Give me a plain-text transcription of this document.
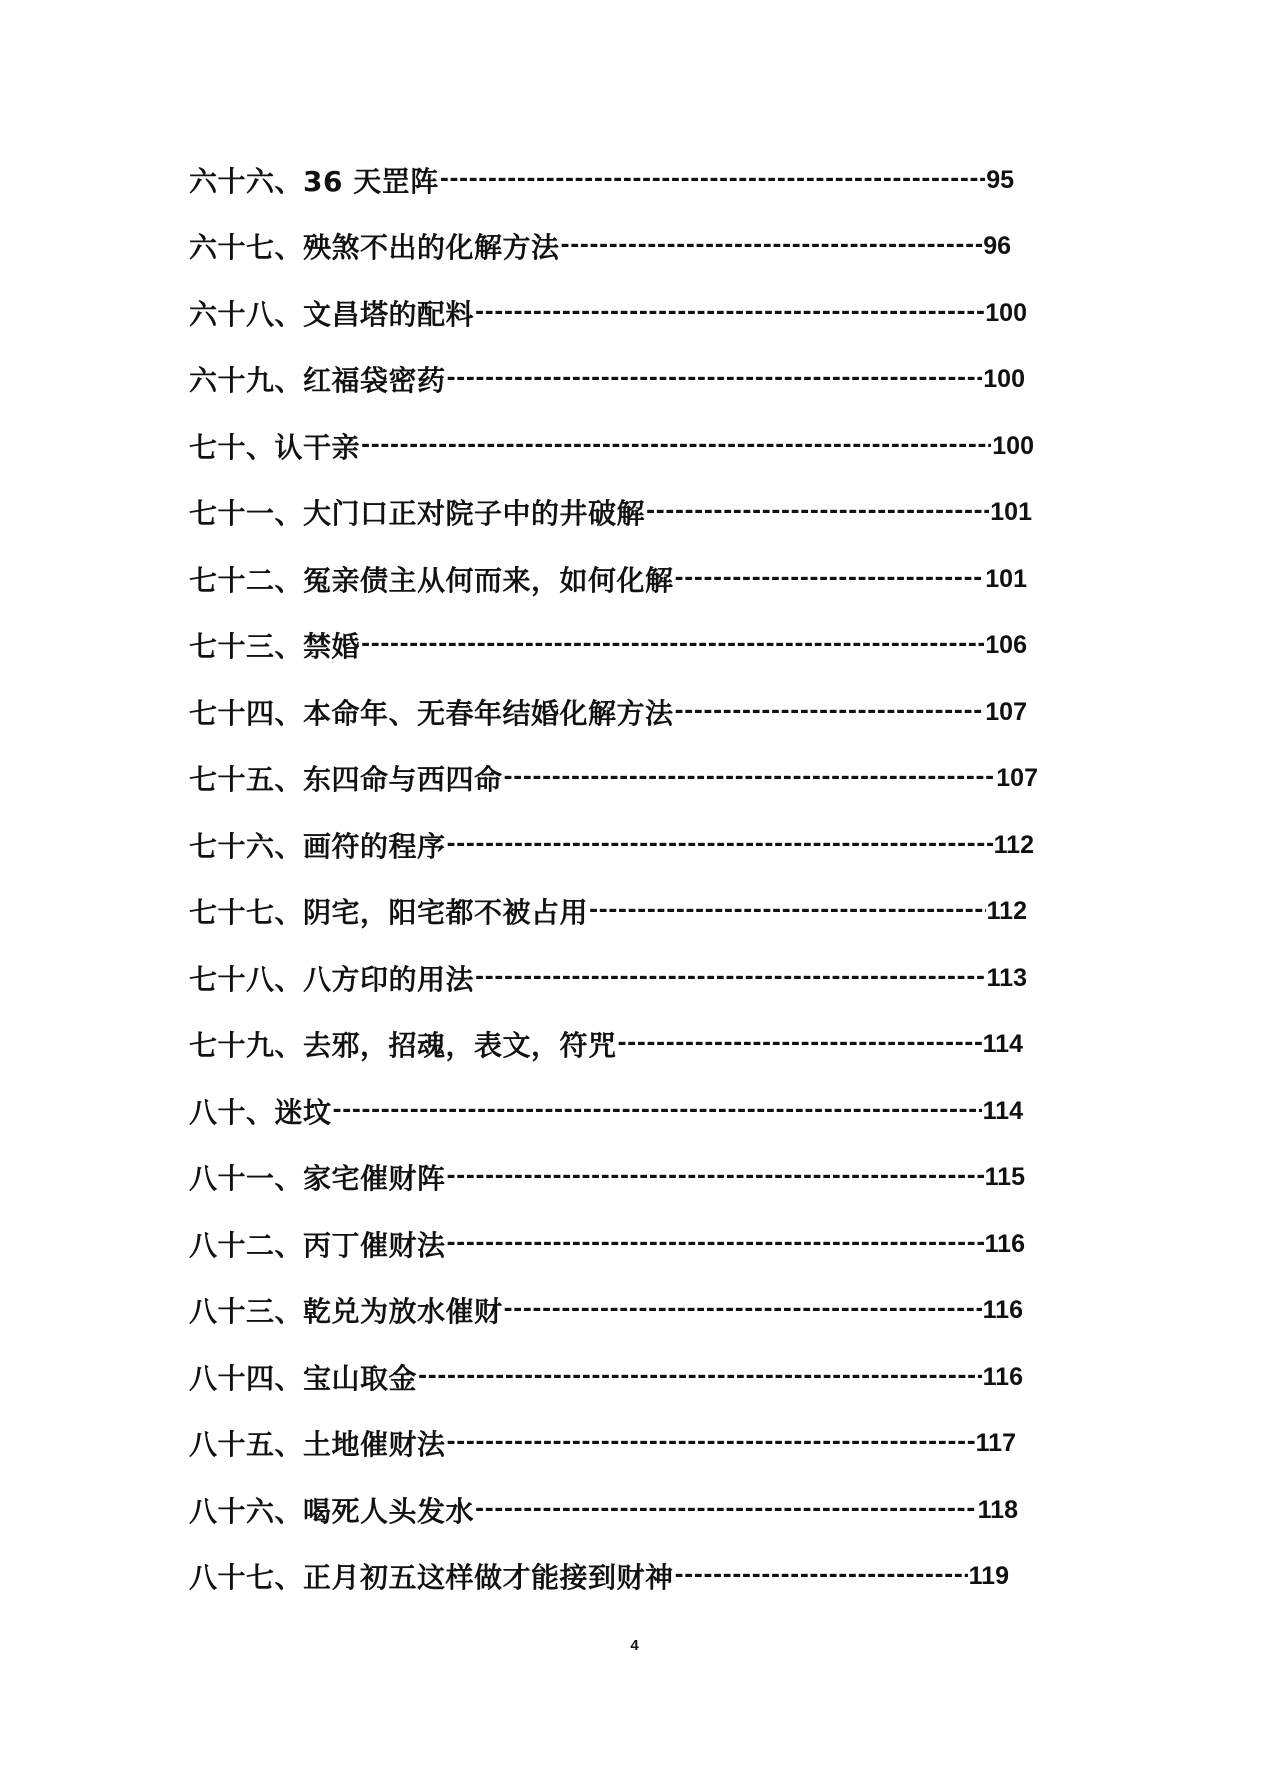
六十六、36 天罡阵 -----	95
六十七、殃煞不出的化解方法 -----	96
六十八、文昌塔的配料 -----	100
六十九、红福袋密药 -----	100
七十、认干亲 -----	100
七十一、大门口正对院子中的井破解 -----	101
七十二、冤亲债主从何而来，如何化解 -----	101
七十三、禁婚 -----	106
七十四、本命年、无春年结婚化解方法 -----	107
七十五、东四命与西四命 -----	107
七十六、画符的程序 -----	112
七十七、阴宅，阳宅都不被占用 -----	112
七十八、八方印的用法 -----	113
七十九、去邪，招魂，表文，符咒 -----	114
八十、迷坟 -----	114
八十一、家宅催财阵 -----	115
八十二、丙丁催财法 -----	116
八十三、乾兑为放水催财 -----	116
八十四、宝山取金 -----	116
八十五、土地催财法 -----	117
八十六、喝死人头发水 -----	118
八十七、正月初五这样做才能接到财神 -----	119
4
